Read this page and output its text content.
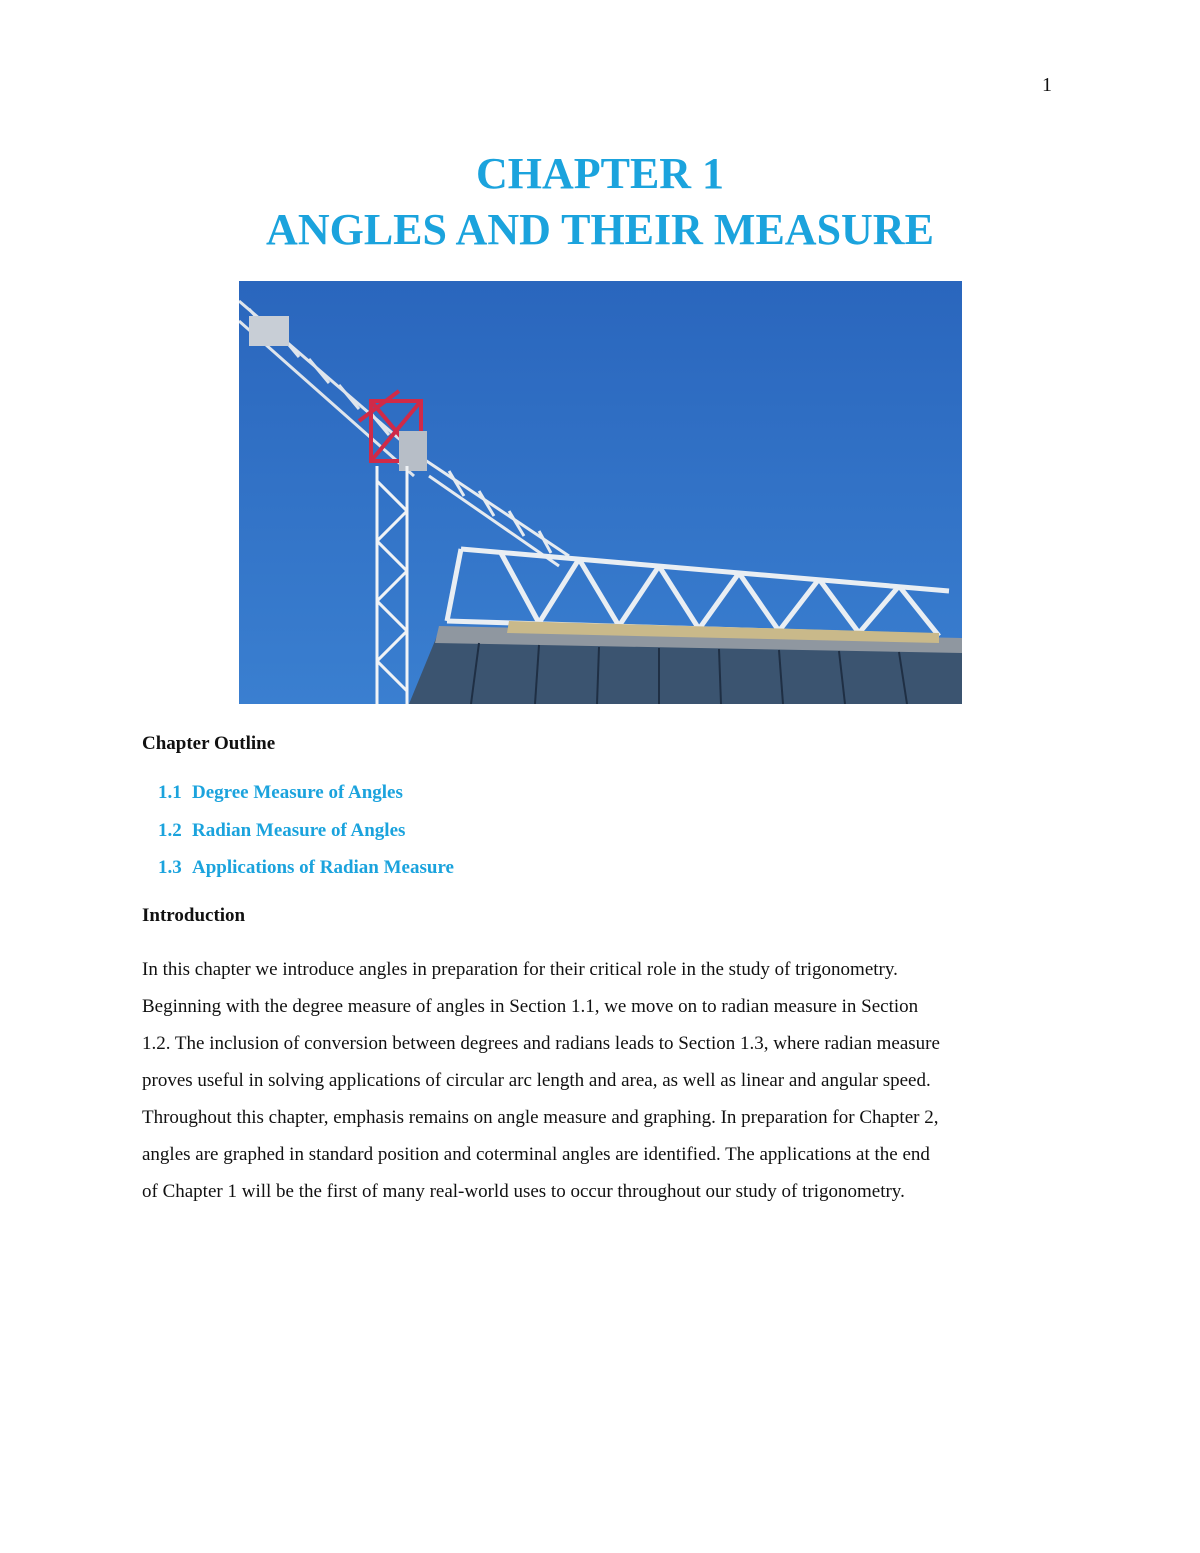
1
CHAPTER 1
ANGLES AND THEIR MEASURE
Chapter Outline
1.1 Degree Measure of Angles
1.2 Radian Measure of Angles
1.3 Applications of Radian Measure
Introduction

In this chapter we introduce angles in preparation for their critical role in the study of trigonometry.
Beginning with the degree measure of angles in Section 1.1, we move on to radian measure in Section
1.2. The inclusion of conversion between degrees and radians leads to Section 1.3, where radian measure
proves useful in solving applications of circular arc length and area, as well as linear and angular speed.
Throughout this chapter, emphasis remains on angle measure and graphing. In preparation for Chapter 2,
angles are graphed in standard position and coterminal angles are identified. The applications at the end
of Chapter 1 will be the first of many real-world uses to occur throughout our study of trigonometry.
